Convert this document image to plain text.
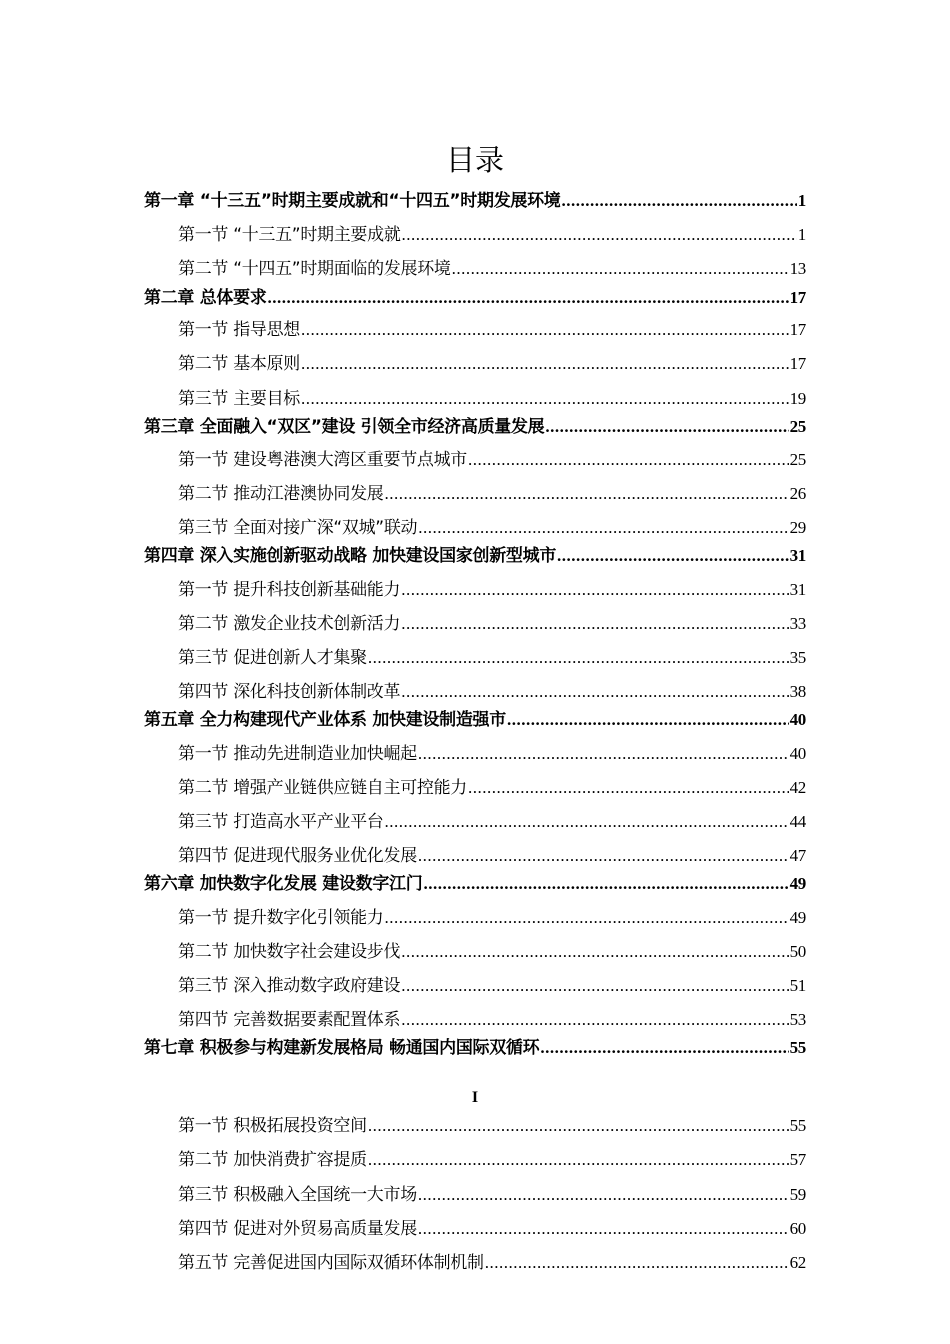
目录
第一章 “十三五”时期主要成就和“十四五”时期发展环境 .....	1
第一节 “十三五”时期主要成就 .....	1
第二节 “十四五”时期面临的发展环境 .....	13
第二章 总体要求 .....	17
第一节 指导思想 .....	17
第二节 基本原则 .....	17
第三节 主要目标 .....	19
第三章 全面融入“双区”建设 引领全市经济高质量发展 .....	25
第一节 建设粤港澳大湾区重要节点城市 .....	25
第二节 推动江港澳协同发展 .....	26
第三节 全面对接广深“双城”联动 .....	29
第四章 深入实施创新驱动战略 加快建设国家创新型城市 .....	31
第一节 提升科技创新基础能力 .....	31
第二节 激发企业技术创新活力 .....	33
第三节 促进创新人才集聚 .....	35
第四节 深化科技创新体制改革 .....	38
第五章 全力构建现代产业体系 加快建设制造强市 .....	40
第一节 推动先进制造业加快崛起 .....	40
第二节 增强产业链供应链自主可控能力 .....	42
第三节 打造高水平产业平台 .....	44
第四节 促进现代服务业优化发展 .....	47
第六章 加快数字化发展 建设数字江门 .....	49
第一节 提升数字化引领能力 .....	49
第二节 加快数字社会建设步伐 .....	50
第三节 深入推动数字政府建设 .....	51
第四节 完善数据要素配置体系 .....	53
第七章 积极参与构建新发展格局 畅通国内国际双循环 .....	55
第一节 积极拓展投资空间 .....	55
第二节 加快消费扩容提质 .....	57
第三节 积极融入全国统一大市场 .....	59
第四节 促进对外贸易高质量发展 .....	60
第五节 完善促进国内国际双循环体制机制 .....	62
I
